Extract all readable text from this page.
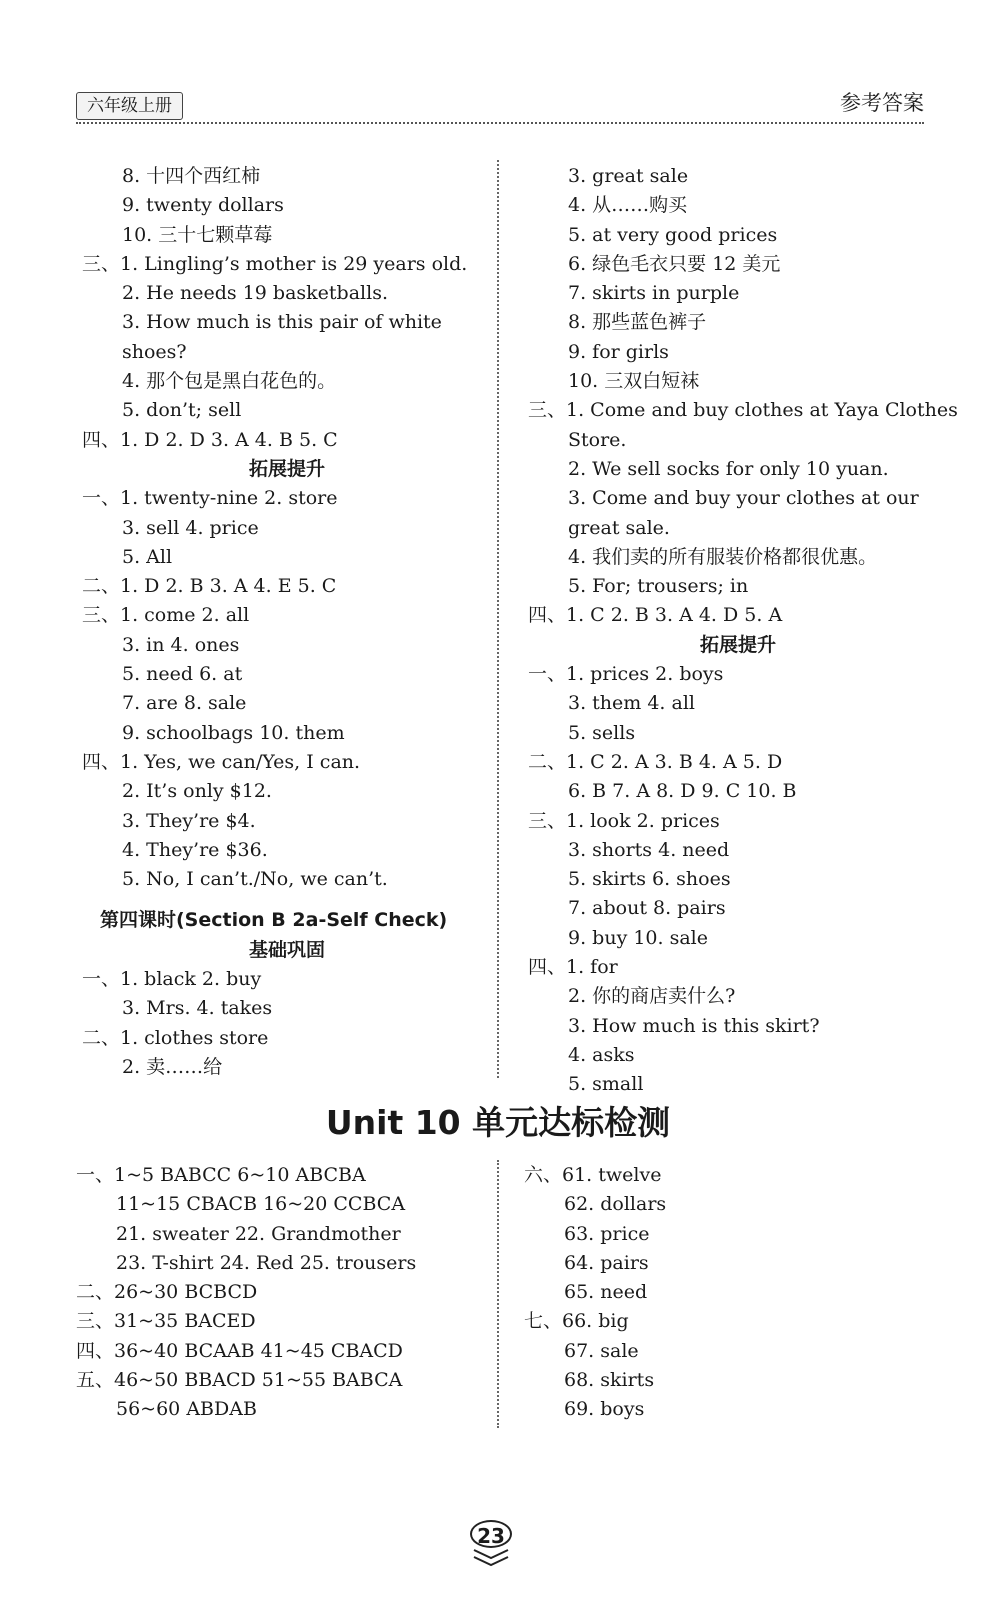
六年级上册	参考答案
8. 十四个西红柿
9. twenty dollars
10. 三十七颗草莓
三、1. Lingling’s mother is 29 years old.
2. He needs 19 basketballs.
3. How much is this pair of white
shoes?
4. 那个包是黑白花色的。
5. don’t; sell
四、1. D 2. D 3. A 4. B 5. C
拓展提升
一、1. twenty-nine 2. store
3. sell 4. price
5. All
二、1. D 2. B 3. A 4. E 5. C
三、1. come 2. all
3. in 4. ones
5. need 6. at
7. are 8. sale
9. schoolbags 10. them
四、1. Yes, we can/Yes, I can.
2. It’s only $12.
3. They’re $4.
4. They’re $36.
5. No, I can’t./No, we can’t.
第四课时(Section B 2a-Self Check)
基础巩固
一、1. black 2. buy
3. Mrs. 4. takes
二、1. clothes store
2. 卖……给
3. great sale
4. 从……购买
5. at very good prices
6. 绿色毛衣只要 12 美元
7. skirts in purple
8. 那些蓝色裤子
9. for girls
10. 三双白短袜
三、1. Come and buy clothes at Yaya Clothes
Store.
2. We sell socks for only 10 yuan.
3. Come and buy your clothes at our
great sale.
4. 我们卖的所有服装价格都很优惠。
5. For; trousers; in
四、1. C 2. B 3. A 4. D 5. A
拓展提升
一、1. prices 2. boys
3. them 4. all
5. sells
二、1. C 2. A 3. B 4. A 5. D
6. B 7. A 8. D 9. C 10. B
三、1. look 2. prices
3. shorts 4. need
5. skirts 6. shoes
7. about 8. pairs
9. buy 10. sale
四、1. for
2. 你的商店卖什么?
3. How much is this skirt?
4. asks
5. small
Unit 10 单元达标检测
一、1~5 BABCC 6~10 ABCBA
11~15 CBACB 16~20 CCBCA
21. sweater 22. Grandmother
23. T-shirt 24. Red 25. trousers
二、26~30 BCBCD
三、31~35 BACED
四、36~40 BCAAB 41~45 CBACD
五、46~50 BBACD 51~55 BABCA
56~60 ABDAB
六、61. twelve
62. dollars
63. price
64. pairs
65. need
七、66. big
67. sale
68. skirts
69. boys
23
